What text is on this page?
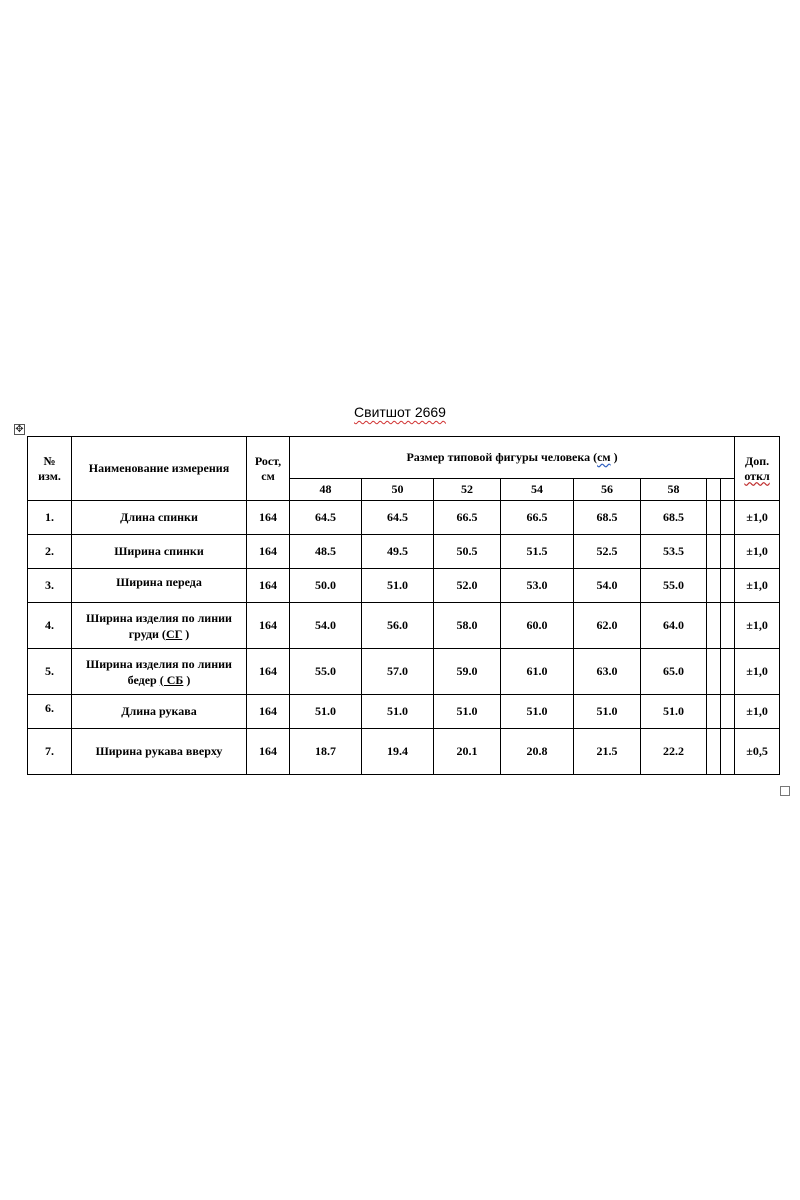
Свитшот 2669
✥
№
изм.	Наименование измерения	Рост,
см	Размер типовой фигуры человека (см )								Доп.
откл
			48	50	52	54	56	58			
1.	Длина спинки	164	64.5	64.5	66.5	66.5	68.5	68.5			±1,0
2.	Ширина спинки	164	48.5	49.5	50.5	51.5	52.5	53.5			±1,0
3.	Ширина переда	164	50.0	51.0	52.0	53.0	54.0	55.0			±1,0
4.	Ширина изделия по линии
груди (СГ )	164	54.0	56.0	58.0	60.0	62.0	64.0			±1,0
5.	Ширина изделия по линии
бедер ( СБ )	164	55.0	57.0	59.0	61.0	63.0	65.0			±1,0
6.	Длина рукава	164	51.0	51.0	51.0	51.0	51.0	51.0			±1,0
7.	Ширина рукава вверху	164	18.7	19.4	20.1	20.8	21.5	22.2			±0,5
